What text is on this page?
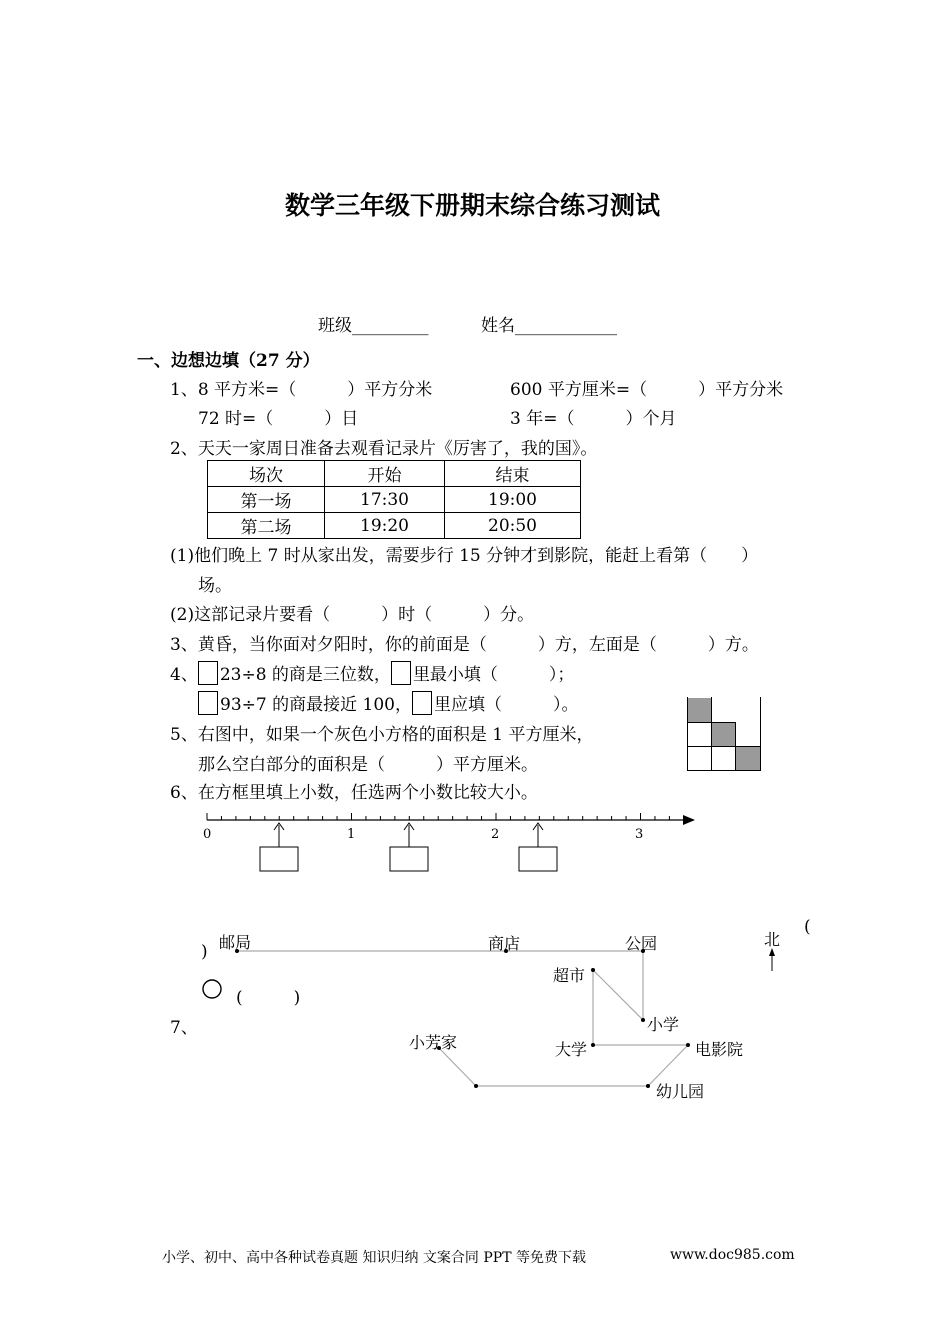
数学三年级下册期末综合练习测试
班级_________	姓名____________
一、边想边填（27 分）
1、8 平方米=（　　　）平方分米	600 平方厘米=（　　　）平方分米
72 时=（　　　）日	3 年=（　　　）个月
2、天天一家周日准备去观看记录片《厉害了，我的国》。
场次	开始	结束
第一场	17:30	19:00
第二场	19:20	20:50
(1)他们晚上 7 时从家出发，需要步行 15 分钟才到影院，能赶上看第（　　）
场。
(2)这部记录片要看（　　　）时（　　　）分。
3、黄昏，当你面对夕阳时，你的前面是（　　　）方，左面是（　　　）方。
4、 23÷8 的商是三位数， 里最小填（　　　）；
93÷7 的商最接近 100， 里应填（　　　）。
5、右图中，如果一个灰色小方格的面积是 1 平方厘米，
那么空白部分的面积是（　　　）平方厘米。
6、在方框里填上小数，任选两个小数比较大小。
0	1	2	3
邮局	商店	公园	北
(
)
(　　　)
超市
小学
7、
小芳家	大学	电影院
幼儿园
小学、初中、高中各种试卷真题 知识归纳 文案合同 PPT 等免费下载	www.doc985.com
